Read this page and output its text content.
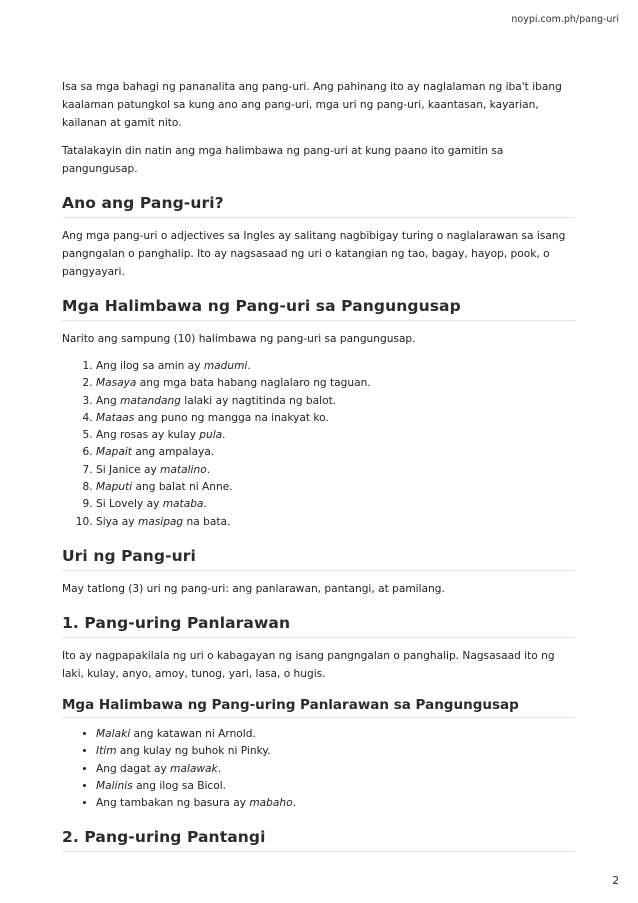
noypi.com.ph/pang-uri

Isa sa mga bahagi ng pananalita ang pang-uri. Ang pahinang ito ay naglalaman ng iba't ibang kaalaman patungkol sa kung ano ang pang-uri, mga uri ng pang-uri, kaantasan, kayarian, kailanan at gamit nito.

Tatalakayin din natin ang mga halimbawa ng pang-uri at kung paano ito gamitin sa pangungusap.

Ano ang Pang-uri?

Ang mga pang-uri o adjectives sa Ingles ay salitang nagbibigay turing o naglalarawan sa isang pangngalan o panghalip. Ito ay nagsasaad ng uri o katangian ng tao, bagay, hayop, pook, o pangyayari.

Mga Halimbawa ng Pang-uri sa Pangungusap

Narito ang sampung (10) halimbawa ng pang-uri sa pangungusap.

1. Ang ilog sa amin ay madumi.
2. Masaya ang mga bata habang naglalaro ng taguan.
3. Ang matandang lalaki ay nagtitinda ng balot.
4. Mataas ang puno ng mangga na inakyat ko.
5. Ang rosas ay kulay pula.
6. Mapait ang ampalaya.
7. Si Janice ay matalino.
8. Maputi ang balat ni Anne.
9. Si Lovely ay mataba.
10. Siya ay masipag na bata.
Uri ng Pang-uri

May tatlong (3) uri ng pang-uri: ang panlarawan, pantangi, at pamilang.

1. Pang-uring Panlarawan

Ito ay nagpapakilala ng uri o kabagayan ng isang pangngalan o panghalip. Nagsasaad ito ng laki, kulay, anyo, amoy, tunog, yari, lasa, o hugis.

Mga Halimbawa ng Pang-uring Panlarawan sa Pangungusap
• Malaki ang katawan ni Arnold.
• Itim ang kulay ng buhok ni Pinky.
• Ang dagat ay malawak.
• Malinis ang ilog sa Bicol.
• Ang tambakan ng basura ay mabaho.
2. Pang-uring Pantangi
2
